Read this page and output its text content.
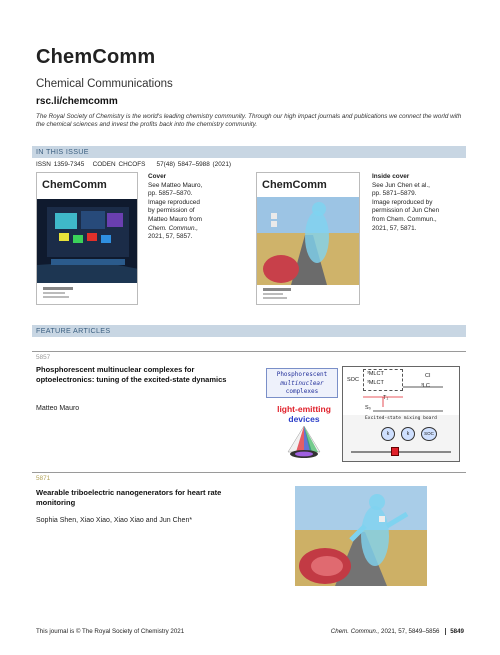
ChemComm
Chemical Communications
rsc.li/chemcomm
The Royal Society of Chemistry is the world's leading chemistry community. Through our high impact journals and publications we connect the world with the chemical sciences and invest the profits back into the chemistry community.
IN THIS ISSUE
ISSN 1359-7345 CODEN CHCOFS 57(48) 5847–5988 (2021)
ChemComm
Cover
See Matteo Mauro,
pp. 5857–5870.
Image reproduced
by permission of
Matteo Mauro from
Chem. Commun.,
2021, 57, 5857.
ChemComm
Inside cover
See Jun Chen et al.,
pp. 5871–5879.
Image reproduced by
permission of Jun Chen
from Chem. Commun.,
2021, 57, 5871.
FEATURE ARTICLES
5857
Phosphorescent multinuclear complexes for optoelectronics: tuning of the excited-state dynamics
Matteo Mauro
Phosphorescent
multinuclear
complexes
light-emitting
devices
³MLCT
³MLCT
SOC
CI
³LC
T₁
S₀
Excited-state mixing board
k	k	SOC
5871
Wearable triboelectric nanogenerators for heart rate monitoring
Sophia Shen, Xiao Xiao, Xiao Xiao and Jun Chen*
This journal is © The Royal Society of Chemistry 2021	Chem. Commun., 2021, 57, 5849–5856 5849
